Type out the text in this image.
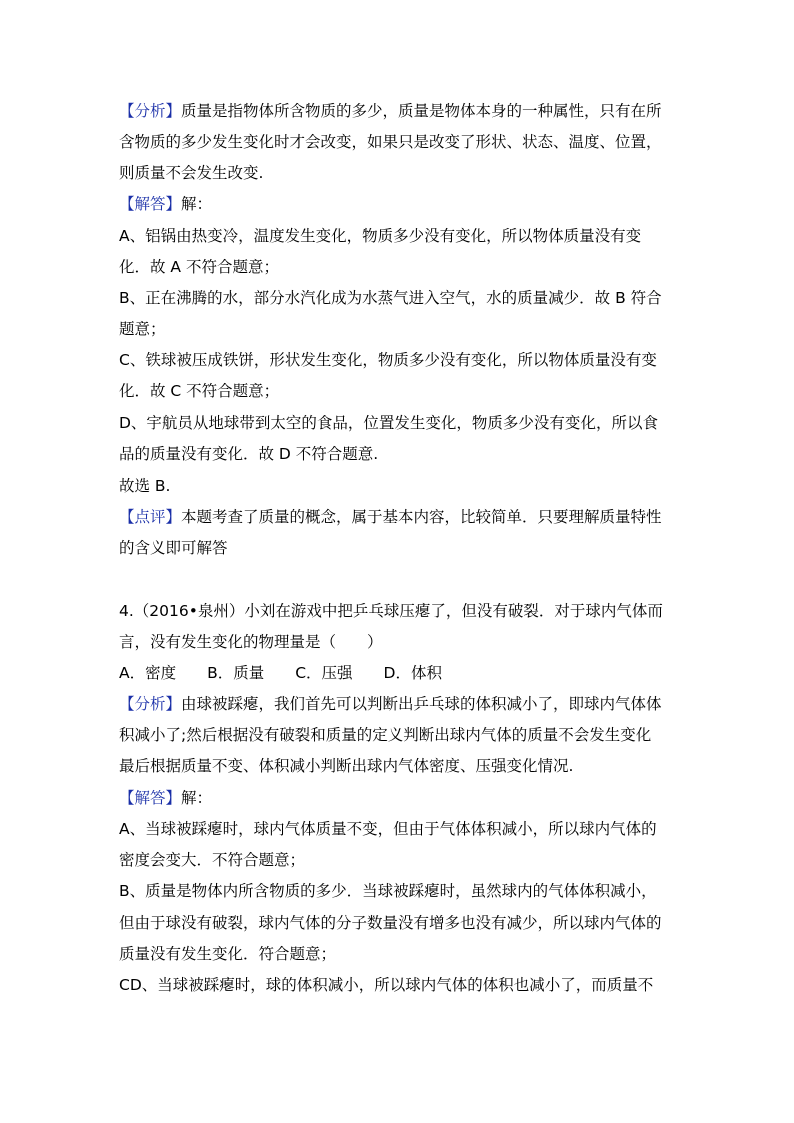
【分析】质量是指物体所含物质的多少，质量是物体本身的一种属性，只有在所
含物质的多少发生变化时才会改变，如果只是改变了形状、状态、温度、位置，
则质量不会发生改变.
【解答】解：
A、铝锅由热变冷，温度发生变化，物质多少没有变化，所以物体质量没有变
化．故 A 不符合题意；
B、正在沸腾的水，部分水汽化成为水蒸气进入空气，水的质量减少．故 B 符合
题意；
C、铁球被压成铁饼，形状发生变化，物质多少没有变化，所以物体质量没有变
化．故 C 不符合题意；
D、宇航员从地球带到太空的食品，位置发生变化，物质多少没有变化，所以食
品的质量没有变化．故 D 不符合题意.
故选 B.
【点评】本题考查了质量的概念，属于基本内容，比较简单．只要理解质量特性
的含义即可解答
4.（2016•泉州）小刘在游戏中把乒乓球压瘪了，但没有破裂．对于球内气体而
言，没有发生变化的物理量是（　　）
A．密度　　B．质量　　C．压强　　D．体积
【分析】由球被踩瘪，我们首先可以判断出乒乓球的体积减小了，即球内气体体
积减小了;然后根据没有破裂和质量的定义判断出球内气体的质量不会发生变化
最后根据质量不变、体积减小判断出球内气体密度、压强变化情况.
【解答】解：
A、当球被踩瘪时，球内气体质量不变，但由于气体体积减小，所以球内气体的
密度会变大．不符合题意；
B、质量是物体内所含物质的多少．当球被踩瘪时，虽然球内的气体体积减小，
但由于球没有破裂，球内气体的分子数量没有增多也没有减少，所以球内气体的
质量没有发生变化．符合题意；
CD、当球被踩瘪时，球的体积减小，所以球内气体的体积也减小了，而质量不
